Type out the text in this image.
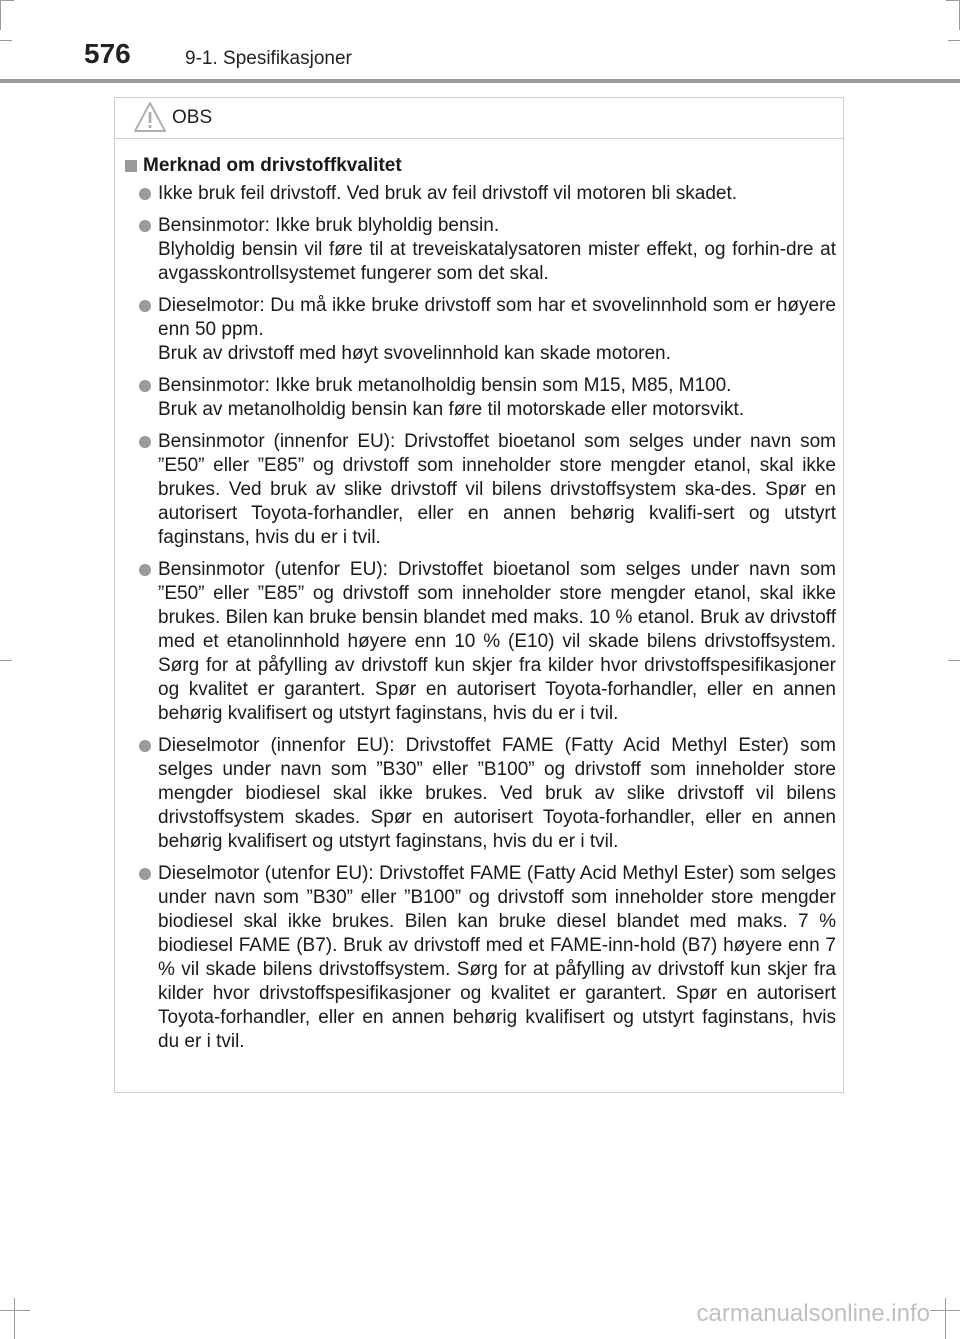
576	9-1. Spesifikasjoner
OBS
Merknad om drivstoffkvalitet
Ikke bruk feil drivstoff. Ved bruk av feil drivstoff vil motoren bli skadet.
Bensinmotor: Ikke bruk blyholdig bensin.
Blyholdig bensin vil føre til at treveiskatalysatoren mister effekt, og forhin-dre at avgasskontrollsystemet fungerer som det skal.
Dieselmotor: Du må ikke bruke drivstoff som har et svovelinnhold som er høyere enn 50 ppm.
Bruk av drivstoff med høyt svovelinnhold kan skade motoren.
Bensinmotor: Ikke bruk metanolholdig bensin som M15, M85, M100.
Bruk av metanolholdig bensin kan føre til motorskade eller motorsvikt.
Bensinmotor (innenfor EU): Drivstoffet bioetanol som selges under navn som ”E50” eller ”E85” og drivstoff som inneholder store mengder etanol, skal ikke brukes. Ved bruk av slike drivstoff vil bilens drivstoffsystem ska-des. Spør en autorisert Toyota-forhandler, eller en annen behørig kvalifi-sert og utstyrt faginstans, hvis du er i tvil.
Bensinmotor (utenfor EU): Drivstoffet bioetanol som selges under navn som ”E50” eller ”E85” og drivstoff som inneholder store mengder etanol, skal ikke brukes. Bilen kan bruke bensin blandet med maks. 10 % etanol. Bruk av drivstoff med et etanolinnhold høyere enn 10 % (E10) vil skade bilens drivstoffsystem. Sørg for at påfylling av drivstoff kun skjer fra kilder hvor drivstoffspesifikasjoner og kvalitet er garantert. Spør en autorisert Toyota-forhandler, eller en annen behørig kvalifisert og utstyrt faginstans, hvis du er i tvil.
Dieselmotor (innenfor EU): Drivstoffet FAME (Fatty Acid Methyl Ester) som selges under navn som ”B30” eller ”B100” og drivstoff som inneholder store mengder biodiesel skal ikke brukes. Ved bruk av slike drivstoff vil bilens drivstoffsystem skades. Spør en autorisert Toyota-forhandler, eller en annen behørig kvalifisert og utstyrt faginstans, hvis du er i tvil.
Dieselmotor (utenfor EU): Drivstoffet FAME (Fatty Acid Methyl Ester) som selges under navn som ”B30” eller ”B100” og drivstoff som inneholder store mengder biodiesel skal ikke brukes. Bilen kan bruke diesel blandet med maks. 7 % biodiesel FAME (B7). Bruk av drivstoff med et FAME-inn-hold (B7) høyere enn 7 % vil skade bilens drivstoffsystem. Sørg for at påfylling av drivstoff kun skjer fra kilder hvor drivstoffspesifikasjoner og kvalitet er garantert. Spør en autorisert Toyota-forhandler, eller en annen behørig kvalifisert og utstyrt faginstans, hvis du er i tvil.
carmanualsonline.info
